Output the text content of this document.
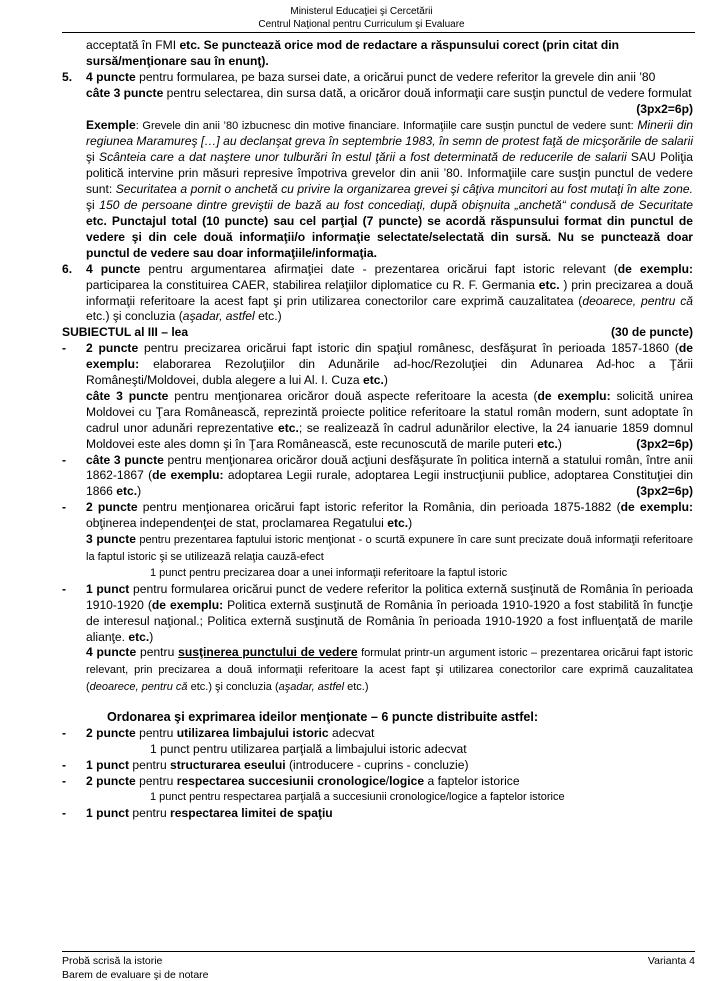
Ministerul Educaţiei şi Cercetării
Centrul Naţional pentru Curriculum şi Evaluare
acceptată în FMI etc. Se punctează orice mod de redactare a răspunsului corect (prin citat din sursă/menţionare sau în enunţ).
5. 4 puncte pentru formularea, pe baza sursei date, a oricărui punct de vedere referitor la grevele din anii ’80
câte 3 puncte pentru selectarea, din sursa dată, a oricăror două informaţii care susţin punctul de vedere formulat
(3px2=6p)
Exemple: Grevele din anii ’80 izbucnesc din motive financiare. Informaţiile care susţin punctul de vedere sunt: Minerii din regiunea Maramureş […] au declanşat greva în septembrie 1983, în semn de protest faţă de micşorările de salarii şi Scânteia care a dat naştere unor tulburări în estul ţării a fost determinată de reducerile de salarii SAU Poliţia politică intervine prin măsuri represive împotriva grevelor din anii ’80. Informaţiile care susţin punctul de vedere sunt: Securitatea a pornit o anchetă cu privire la organizarea grevei şi câţiva muncitori au fost mutaţi în alte zone. şi 150 de persoane dintre greviştii de bază au fost concediaţi, după obişnuita „anchetă“ condusă de Securitate etc. Punctajul total (10 puncte) sau cel parţial (7 puncte) se acordă răspunsului format din punctul de vedere şi din cele două informaţii/o informaţie selectate/selectată din sursă. Nu se punctează doar punctul de vedere sau doar informaţiile/informaţia.
6. 4 puncte pentru argumentarea afirmaţiei date - prezentarea oricărui fapt istoric relevant (de exemplu: participarea la constituirea CAER, stabilirea relaţiilor diplomatice cu R. F. Germania etc. ) prin precizarea a două informaţii referitoare la acest fapt şi prin utilizarea conectorilor care exprimă cauzalitatea (deoarece, pentru că etc.) şi concluzia (aşadar, astfel etc.)
SUBIECTUL al III – lea	(30 de puncte)
- 2 puncte pentru precizarea oricărui fapt istoric din spaţiul românesc, desfăşurat în perioada 1857-1860 (de exemplu: elaborarea Rezoluţiilor din Adunările ad-hoc/Rezoluţiei din Adunarea Ad-hoc a Ţării Româneşti/Moldovei, dubla alegere a lui Al. I. Cuza etc.)
câte 3 puncte pentru menţionarea oricăror două aspecte referitoare la acesta (de exemplu: solicită unirea Moldovei cu Ţara Românească, reprezintă proiecte politice referitoare la statul român modern, sunt adoptate în cadrul unor adunări reprezentative etc.; se realizează în cadrul adunărilor elective, la 24 ianuarie 1859 domnul Moldovei este ales domn şi în Ţara Românească, este recunoscută de marile puteri etc.)	(3px2=6p)
- câte 3 puncte pentru menţionarea oricăror două acţiuni desfăşurate în politica internă a statului român, între anii 1862-1867 (de exemplu: adoptarea Legii rurale, adoptarea Legii instrucţiunii publice, adoptarea Constituţiei din 1866 etc.)	(3px2=6p)
- 2 puncte pentru menţionarea oricărui fapt istoric referitor la România, din perioada 1875-1882 (de exemplu: obţinerea independenţei de stat, proclamarea Regatului etc.)
3 puncte pentru prezentarea faptului istoric menţionat - o scurtă expunere în care sunt precizate două informaţii referitoare la faptul istoric şi se utilizează relaţia cauză-efect
1 punct pentru precizarea doar a unei informaţii referitoare la faptul istoric
- 1 punct pentru formularea oricărui punct de vedere referitor la politica externă susţinută de România în perioada 1910-1920 (de exemplu: Politica externă susţinută de România în perioada 1910-1920 a fost stabilită în funcţie de interesul naţional.; Politica externă susţinută de România în perioada 1910-1920 a fost influenţată de marile alianţe. etc.)
4 puncte pentru susţinerea punctului de vedere formulat printr-un argument istoric – prezentarea oricărui fapt istoric relevant, prin precizarea a două informaţii referitoare la acest fapt şi utilizarea conectorilor care exprimă cauzalitatea (deoarece, pentru că etc.) şi concluzia (aşadar, astfel etc.)
Ordonarea şi exprimarea ideilor menţionate – 6 puncte distribuite astfel:
- 2 puncte pentru utilizarea limbajului istoric adecvat
1 punct pentru utilizarea parţială a limbajului istoric adecvat
- 1 punct pentru structurarea eseului (introducere - cuprins - concluzie)
- 2 puncte pentru respectarea succesiunii cronologice/logice a faptelor istorice
1 punct pentru respectarea parţială a succesiunii cronologice/logice a faptelor istorice
- 1 punct pentru respectarea limitei de spaţiu
Probă scrisă la istorie	Varianta 4
Barem de evaluare şi de notare
